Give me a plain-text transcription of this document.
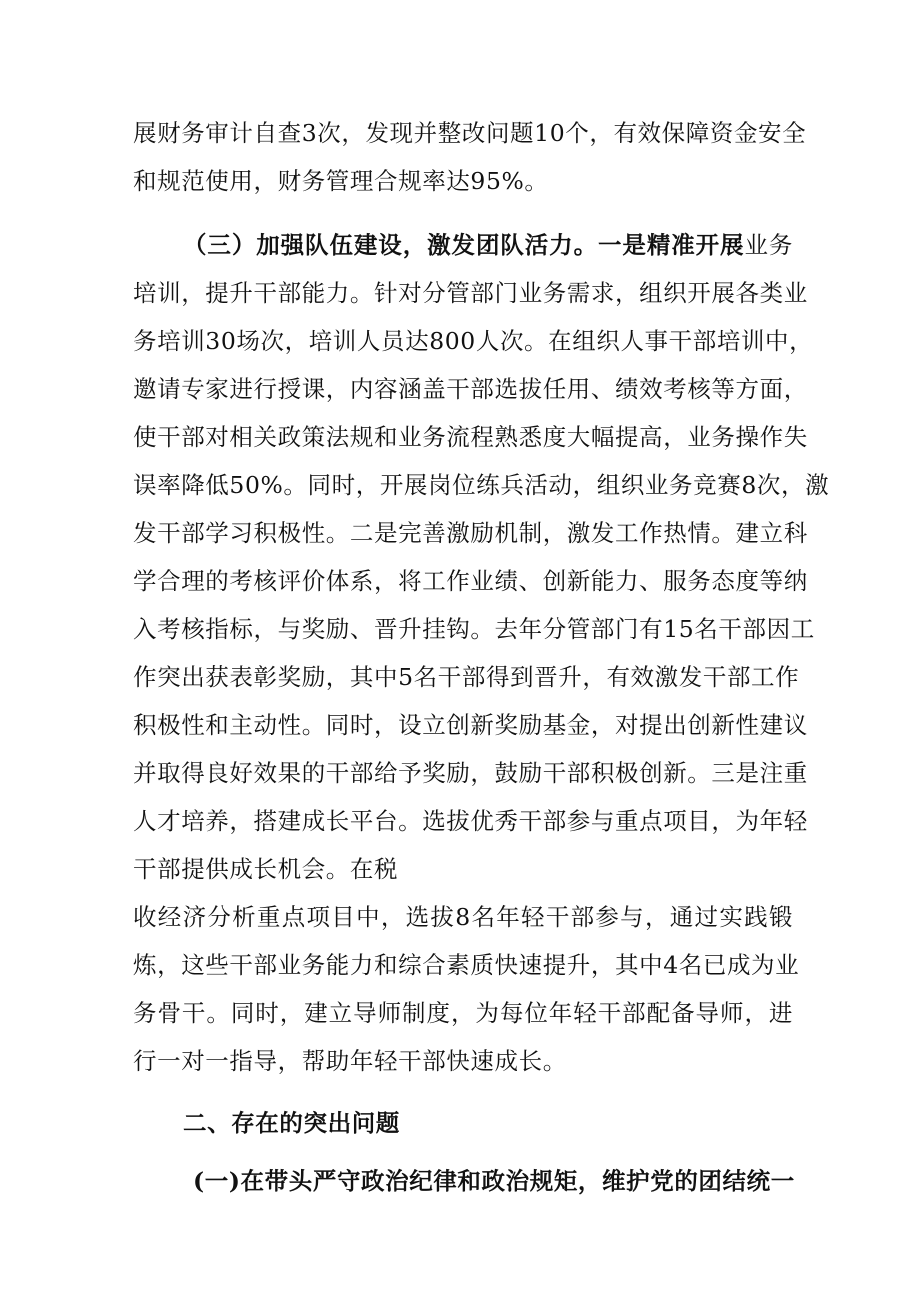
展财务审计自查3次，发现并整改问题10个，有效保障资金安全
和规范使用，财务管理合规率达95%。
（三）加强队伍建设，激发团队活力。一是精准开展业务
培训，提升干部能力。针对分管部门业务需求，组织开展各类业
务培训30场次，培训人员达800人次。在组织人事干部培训中，
邀请专家进行授课，内容涵盖干部选拔任用、绩效考核等方面，
使干部对相关政策法规和业务流程熟悉度大幅提高，业务操作失
误率降低50%。同时，开展岗位练兵活动，组织业务竞赛8次，激
发干部学习积极性。二是完善激励机制，激发工作热情。建立科
学合理的考核评价体系，将工作业绩、创新能力、服务态度等纳
入考核指标，与奖励、晋升挂钩。去年分管部门有15名干部因工
作突出获表彰奖励，其中5名干部得到晋升，有效激发干部工作
积极性和主动性。同时，设立创新奖励基金，对提出创新性建议
并取得良好效果的干部给予奖励，鼓励干部积极创新。三是注重
人才培养，搭建成长平台。选拔优秀干部参与重点项目，为年轻
干部提供成长机会。在税
收经济分析重点项目中，选拔8名年轻干部参与，通过实践锻
炼，这些干部业务能力和综合素质快速提升，其中4名已成为业
务骨干。同时，建立导师制度，为每位年轻干部配备导师，进
行一对一指导，帮助年轻干部快速成长。
二、存在的突出问题
(一)在带头严守政治纪律和政治规矩，维护党的团结统一
